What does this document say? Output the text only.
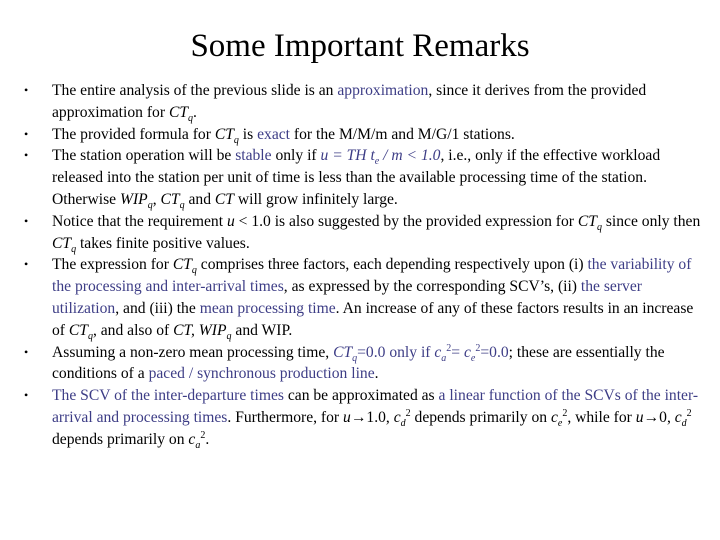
Some Important Remarks
•	The entire analysis of the previous slide is an approximation, since it derives from the provided approximation for $CT_q$.
•	The provided formula for $CT_q$ is exact for the M/M/m and M/G/1 stations.
•	The station operation will be stable only if u = TH $t_e / m < 1.0$, i.e., only if the effective workload released into the station per unit of time is less than the available processing time of the station. Otherwise $WIP_q$, $CT_q$ and CT will grow infinitely large.
•	Notice that the requirement u < 1.0 is also suggested by the provided expression for $CT_q$ since only then $CT_q$ takes finite positive values.
•	The expression for $CT_q$ comprises three factors, each depending respectively upon (i) the variability of the processing and inter-arrival times, as expressed by the corresponding SCV’s, (ii) the server utilization, and (iii) the mean processing time. An increase of any of these factors results in an increase of $CT_q$, and also of CT, $WIP_q$ and WIP.
•	Assuming a non-zero mean processing time, $CT_q=0.0$ only if $c_a^2= c_e^2=0.0$; these are essentially the conditions of a paced / synchronous production line.
•	The SCV of the inter-departure times can be approximated as a linear function of the SCVs of the inter-arrival and processing times. Furthermore, for u→1.0, $c_d^2$ depends primarily on $c_e^2$, while for u→0, $c_d^2$ depends primarily on $c_a^2$.
